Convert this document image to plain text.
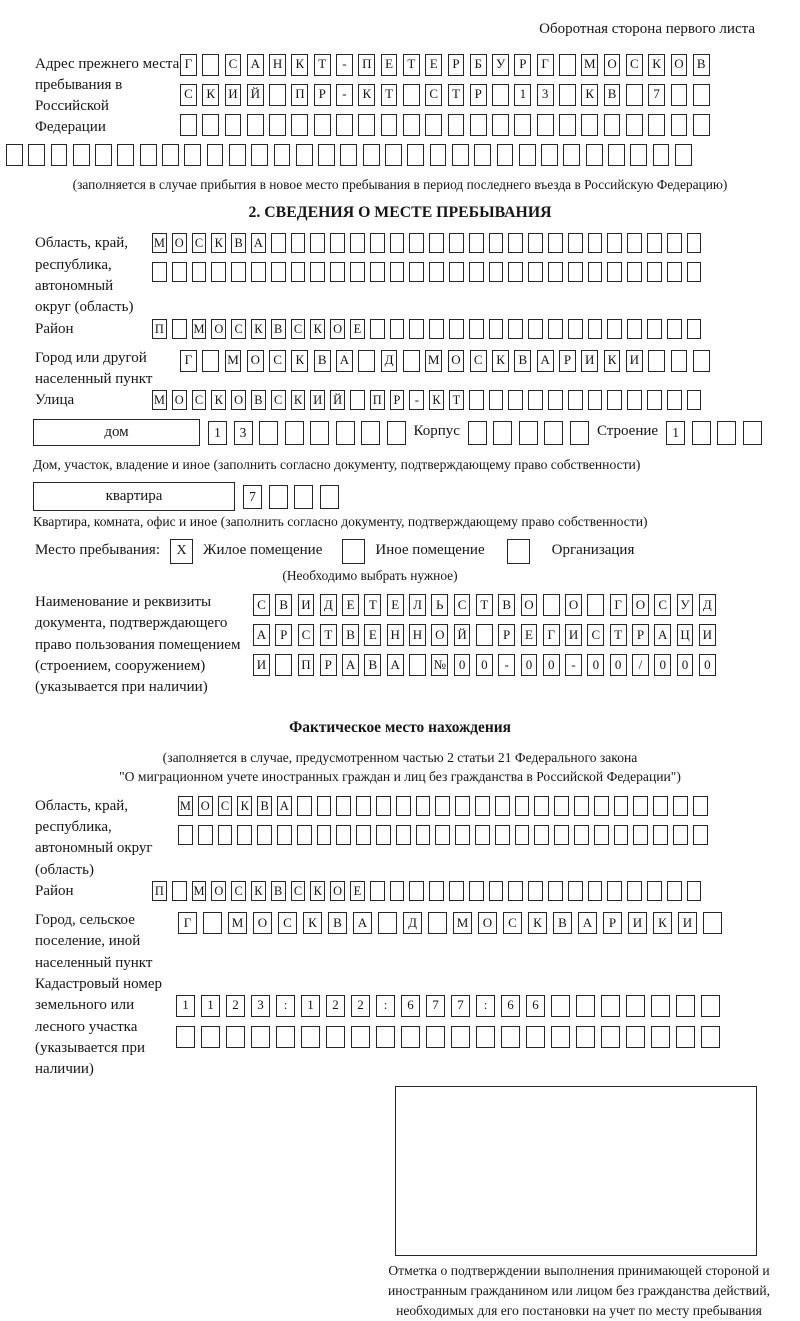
Оборотная сторона первого листа
Адрес прежнего места пребывания в Российской Федерации
Г	С	А Н	К	Т	-	П	Е	Т	Е	Р	Б	У	Р	Г	М О	С	К	О	В
С	К	И Й	П	Р	-	К	Т	С	Т	Р	1	3	К	В	7
(заполняется в случае прибытия в новое место пребывания в период последнего въезда в Российскую Федерацию)
2. СВЕДЕНИЯ О МЕСТЕ ПРЕБЫВАНИЯ
Область, край, республика, автономный округ (область)
М О С К В А
Район	П М О С К В С К О Е
Город или другой населенный пункт
Г	М О	С	К	В	А	Д	М О	С	К	В	А	Р	И	К	И
Улица	М О С К О В С К И Й П Р	-	К Т
дом	1	3	Корпус	Строение	1
Дом, участок, владение и иное (заполнить согласно документу, подтверждающему право собственности)
квартира	7
Квартира, комната, офис и иное (заполнить согласно документу, подтверждающему право собственности)
Место пребывания:	X	Жилое помещение	Иное помещение	Организация
(Необходимо выбрать нужное)
Наименование и реквизиты документа, подтверждающего право пользования помещением (строением, сооружением) (указывается при наличии)
С	В	И	Д	Е	Т	Е	Л	Ь	С	Т	В	О	О	Г	О	С	У	Д
А	Р	С	Т	В	Е	Н Н О Й	Р	Е	Г	И	С	Т	Р	А Ц И
И	П	Р	А	В	А	№ 0	0	-	0	0	-	0	0	/	0	0	0
Фактическое место нахождения
(заполняется в случае, предусмотренном частью 2 статьи 21 Федерального закона
"О миграционном учете иностранных граждан и лиц без гражданства в Российской Федерации")
Область, край, республика, автономный округ (область)
М О С К В А
Район	П М О С К В С К О Е
Город, сельское поселение, иной населенный пункт
Г	М	О	С	К	В	А	Д	М	О	С	К	В	А	Р	И	К	И
Кадастровый номер земельного или лесного участка (указывается при наличии)
1	1	2	3	:	1	2	2	:	6	7	7	:	6	6
Отметка о подтверждении выполнения принимающей стороной и иностранным гражданином или лицом без гражданства действий, необходимых для его постановки на учет по месту пребывания
